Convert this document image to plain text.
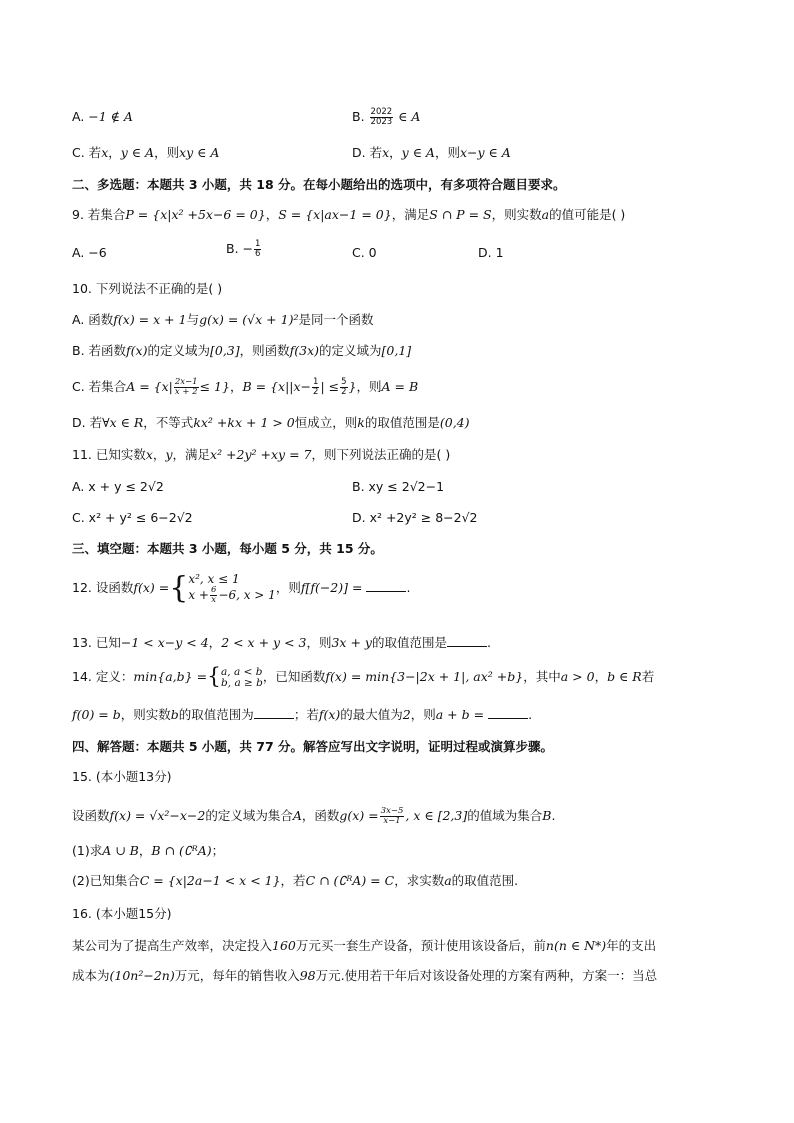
A. −1 ∉ A	B. $\frac{2022}{2023}$ ∈ A
C. 若x，y ∈ A，则xy ∈ A	D. 若x，y ∈ A，则x−y ∈ A
二、多选题：本题共 3 小题，共 18 分。在每小题给出的选项中，有多项符合题目要求。
9. 若集合P = {x|x² +5x−6 = 0}，S = {x|ax−1 = 0}，满足S ∩ P = S，则实数a的值可能是( )
A. −6	B. − $\frac{1}{6}$	C. 0	D. 1
10. 下列说法不正确的是( )
A. 函数f(x) = x + 1与g(x) = (√x + 1)²是同一个函数
B. 若函数f(x)的定义域为[0,3]，则函数f(3x)的定义域为[0,1]
C. 若集合$A = \{x| \frac{2x-1}{x + 2} \le 1\}$，$B = \{x||x- \frac{1}{2}$ | ≤ $\frac{5}{2}$ }，则A = B
D. 若∀x ∈ R，不等式kx² +kx + 1 > 0恒成立，则k的取值范围是(0,4)
11. 已知实数x，y，满足x² +2y² +xy = 7，则下列说法正确的是( )
A. x + y ≤ 2√2	B. xy ≤ 2√2−1
C. x² + y² ≤ 6−2√2	D. x² +2y² ≥ 8−2√2
三、填空题：本题共 3 小题，每小题 5 分，共 15 分。
12. 设函数f(x) ={ x², x ≤ 1
$x + \frac{6}{x} -6$, x > 1 ，则f[f(−2)] =	.
13. 已知−1 < x−y < 4，2 < x + y < 3，则3x + y的取值范围是	.
14. 定义：min{a,b} ={ a, a < b
b, a ≥ b ，已知函数f(x) = min{3−|2x + 1|, ax² +b}，其中a > 0，b ∈ R若
f(0) = b，则实数b的取值范围为	；若f(x)的最大值为2，则a + b =	.
四、解答题：本题共 5 小题，共 77 分。解答应写出文字说明，证明过程或演算步骤。
15. (本小题13分)
设函数f(x) = √x²−x−2的定义域为集合A，函数$g(x) = \frac{3x-5}{x-1}$ , x ∈ [2,3]的值域为集合B.
(1)求A ∪ B，B ∩ (∁ᴿA)；
(2)已知集合C = {x|2a−1 < x < 1}，若C ∩ (∁ᴿA) = C，求实数a的取值范围.
16. (本小题15分)
某公司为了提高生产效率，决定投入160万元买一套生产设备，预计使用该设备后，前n(n ∈ N*)年的支出
成本为(10n²−2n)万元，每年的销售收入98万元.使用若干年后对该设备处理的方案有两种，方案一：当总
